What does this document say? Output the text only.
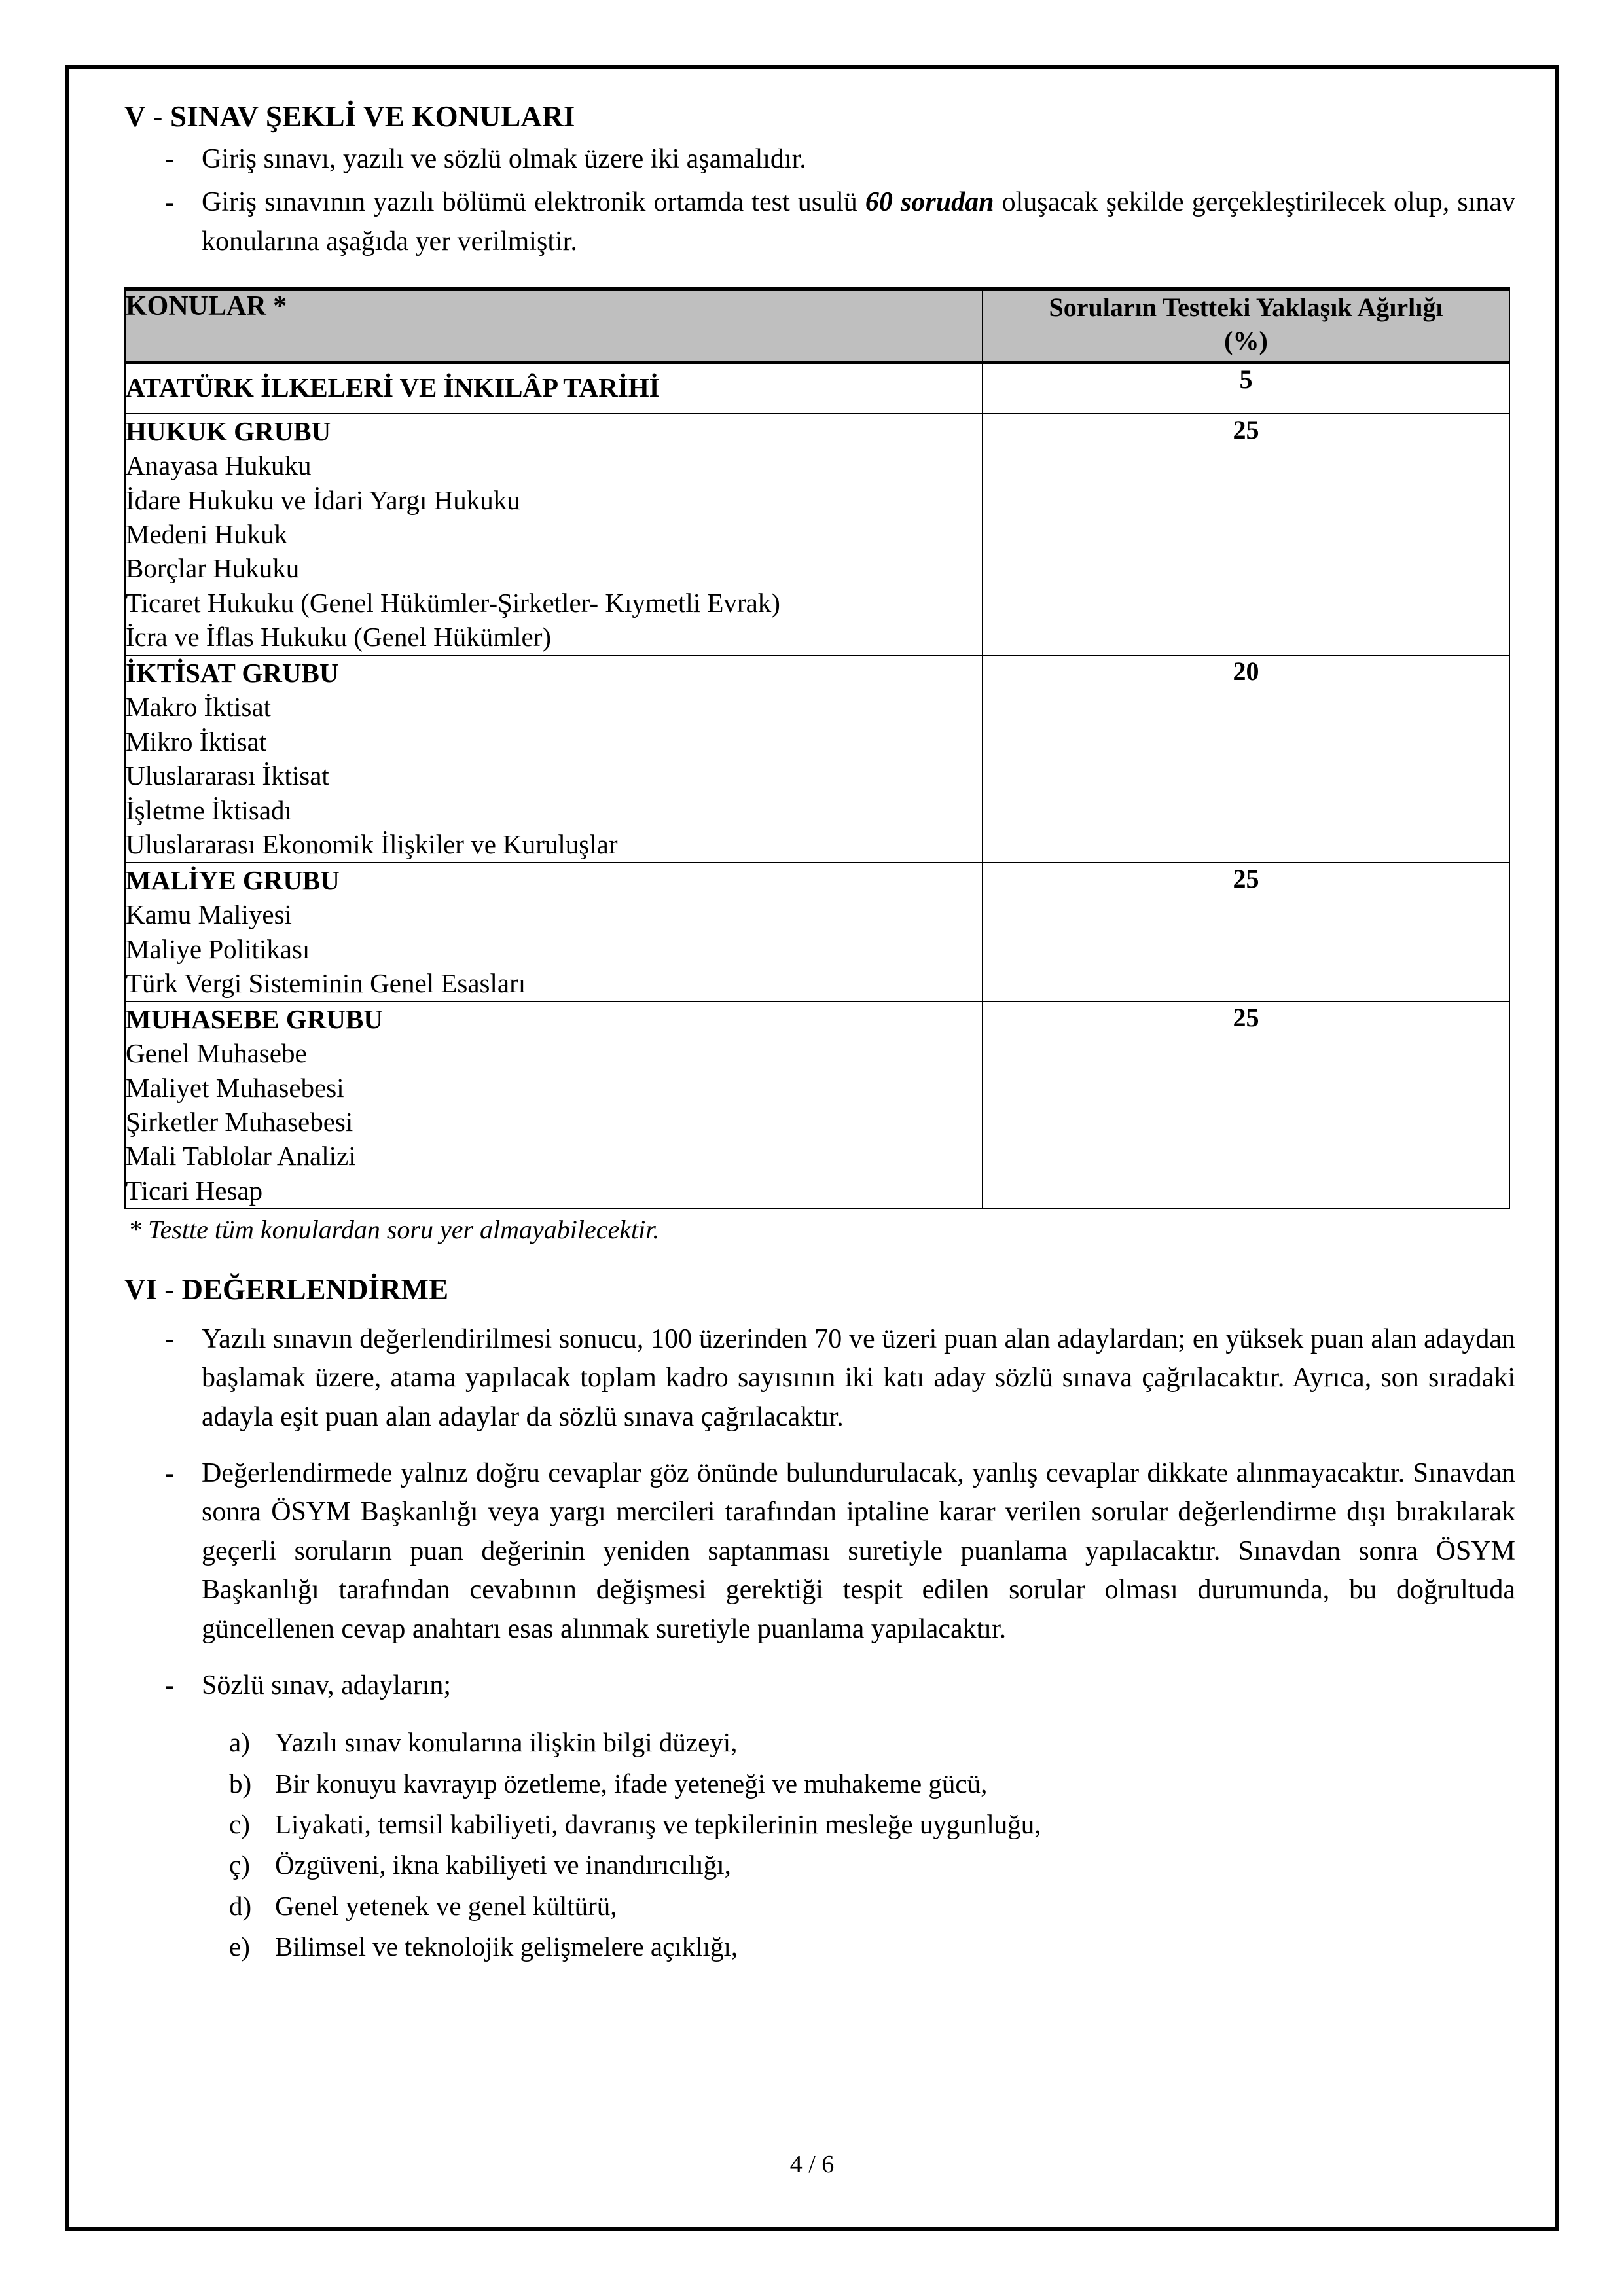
V - SINAV ŞEKLİ VE KONULARI
- Giriş sınavı, yazılı ve sözlü olmak üzere iki aşamalıdır.
- Giriş sınavının yazılı bölümü elektronik ortamda test usulü 60 sorudan oluşacak şekilde gerçekleştirilecek olup, sınav konularına aşağıda yer verilmiştir.
KONULAR *	Soruların Testteki Yaklaşık Ağırlığı
(%)

ATATÜRK İLKELERİ VE İNKILÂP TARİHİ	5

HUKUK GRUBU
Anayasa Hukuku
İdare Hukuku ve İdari Yargı Hukuku
Medeni Hukuk
Borçlar Hukuku
Ticaret Hukuku (Genel Hükümler-Şirketler- Kıymetli Evrak)
İcra ve İflas Hukuku (Genel Hükümler)
	25

İKTİSAT GRUBU
Makro İktisat
Mikro İktisat
Uluslararası İktisat
İşletme İktisadı
Uluslararası Ekonomik İlişkiler ve Kuruluşlar
	20

MALİYE GRUBU
Kamu Maliyesi
Maliye Politikası
Türk Vergi Sisteminin Genel Esasları	25

MUHASEBE GRUBU
Genel Muhasebe
Maliyet Muhasebesi
Şirketler Muhasebesi
Mali Tablolar Analizi
Ticari Hesap
	25

* Testte tüm konulardan soru yer almayabilecektir.

VI - DEĞERLENDİRME
- Yazılı sınavın değerlendirilmesi sonucu, 100 üzerinden 70 ve üzeri puan alan adaylardan; en yüksek puan alan adaydan başlamak üzere, atama yapılacak toplam kadro sayısının iki katı aday sözlü sınava çağrılacaktır. Ayrıca, son sıradaki adayla eşit puan alan adaylar da sözlü sınava çağrılacaktır.
- Değerlendirmede yalnız doğru cevaplar göz önünde bulundurulacak, yanlış cevaplar dikkate alınmayacaktır. Sınavdan sonra ÖSYM Başkanlığı veya yargı mercileri tarafından iptaline karar verilen sorular değerlendirme dışı bırakılarak geçerli soruların puan değerinin yeniden saptanması suretiyle puanlama yapılacaktır. Sınavdan sonra ÖSYM Başkanlığı tarafından cevabının değişmesi gerektiği tespit edilen sorular olması durumunda, bu doğrultuda güncellenen cevap anahtarı esas alınmak suretiyle puanlama yapılacaktır.
- Sözlü sınav, adayların;
a) Yazılı sınav konularına ilişkin bilgi düzeyi,
b) Bir konuyu kavrayıp özetleme, ifade yeteneği ve muhakeme gücü,
c) Liyakati, temsil kabiliyeti, davranış ve tepkilerinin mesleğe uygunluğu,
ç) Özgüveni, ikna kabiliyeti ve inandırıcılığı,
d) Genel yetenek ve genel kültürü,
e) Bilimsel ve teknolojik gelişmelere açıklığı,
4 / 6
